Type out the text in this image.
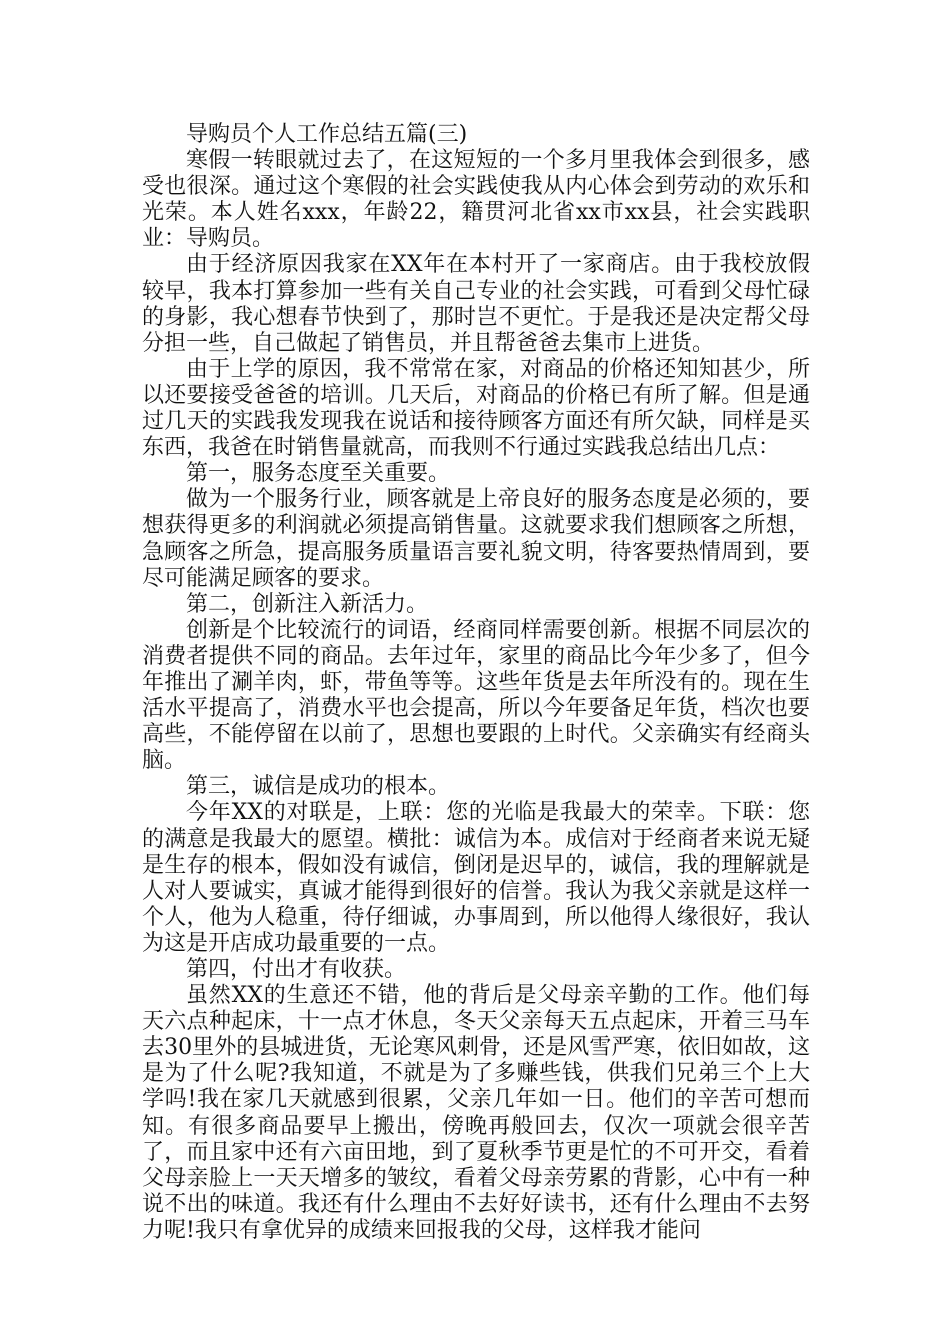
导购员个人工作总结五篇(三)

寒假一转眼就过去了，在这短短的一个多月里我体会到很多，感受也很深。通过这个寒假的社会实践使我从内心体会到劳动的欢乐和光荣。本人姓名xxx，年龄22，籍贯河北省xx市xx县，社会实践职业：导购员。

由于经济原因我家在XX年在本村开了一家商店。由于我校放假较早，我本打算参加一些有关自己专业的社会实践，可看到父母忙碌的身影，我心想春节快到了，那时岂不更忙。于是我还是决定帮父母分担一些，自己做起了销售员，并且帮爸爸去集市上进货。

由于上学的原因，我不常常在家，对商品的价格还知知甚少，所以还要接受爸爸的培训。几天后，对商品的价格已有所了解。但是通过几天的实践我发现我在说话和接待顾客方面还有所欠缺，同样是买东西，我爸在时销售量就高，而我则不行通过实践我总结出几点：

第一，服务态度至关重要。

做为一个服务行业，顾客就是上帝良好的服务态度是必须的，要想获得更多的利润就必须提高销售量。这就要求我们想顾客之所想，急顾客之所急，提高服务质量语言要礼貌文明，待客要热情周到，要尽可能满足顾客的要求。

第二，创新注入新活力。

创新是个比较流行的词语，经商同样需要创新。根据不同层次的消费者提供不同的商品。去年过年，家里的商品比今年少多了，但今年推出了涮羊肉，虾，带鱼等等。这些年货是去年所没有的。现在生活水平提高了，消费水平也会提高，所以今年要备足年货，档次也要高些，不能停留在以前了，思想也要跟的上时代。父亲确实有经商头脑。

第三，诚信是成功的根本。

今年XX的对联是，上联：您的光临是我最大的荣幸。下联：您的满意是我最大的愿望。横批：诚信为本。成信对于经商者来说无疑是生存的根本，假如没有诚信，倒闭是迟早的，诚信，我的理解就是人对人要诚实，真诚才能得到很好的信誉。我认为我父亲就是这样一个人，他为人稳重，待仔细诚，办事周到，所以他得人缘很好，我认为这是开店成功最重要的一点。

第四，付出才有收获。

虽然XX的生意还不错，他的背后是父母亲辛勤的工作。他们每天六点种起床，十一点才休息，冬天父亲每天五点起床，开着三马车去30里外的县城进货，无论寒风刺骨，还是风雪严寒，依旧如故，这是为了什么呢?我知道，不就是为了多赚些钱，供我们兄弟三个上大学吗!我在家几天就感到很累，父亲几年如一日。他们的辛苦可想而知。有很多商品要早上搬出，傍晚再般回去，仅次一项就会很辛苦了，而且家中还有六亩田地，到了夏秋季节更是忙的不可开交，看着父母亲脸上一天天增多的皱纹，看着父母亲劳累的背影，心中有一种说不出的味道。我还有什么理由不去好好读书，还有什么理由不去努力呢!我只有拿优异的成绩来回报我的父母，这样我才能问
